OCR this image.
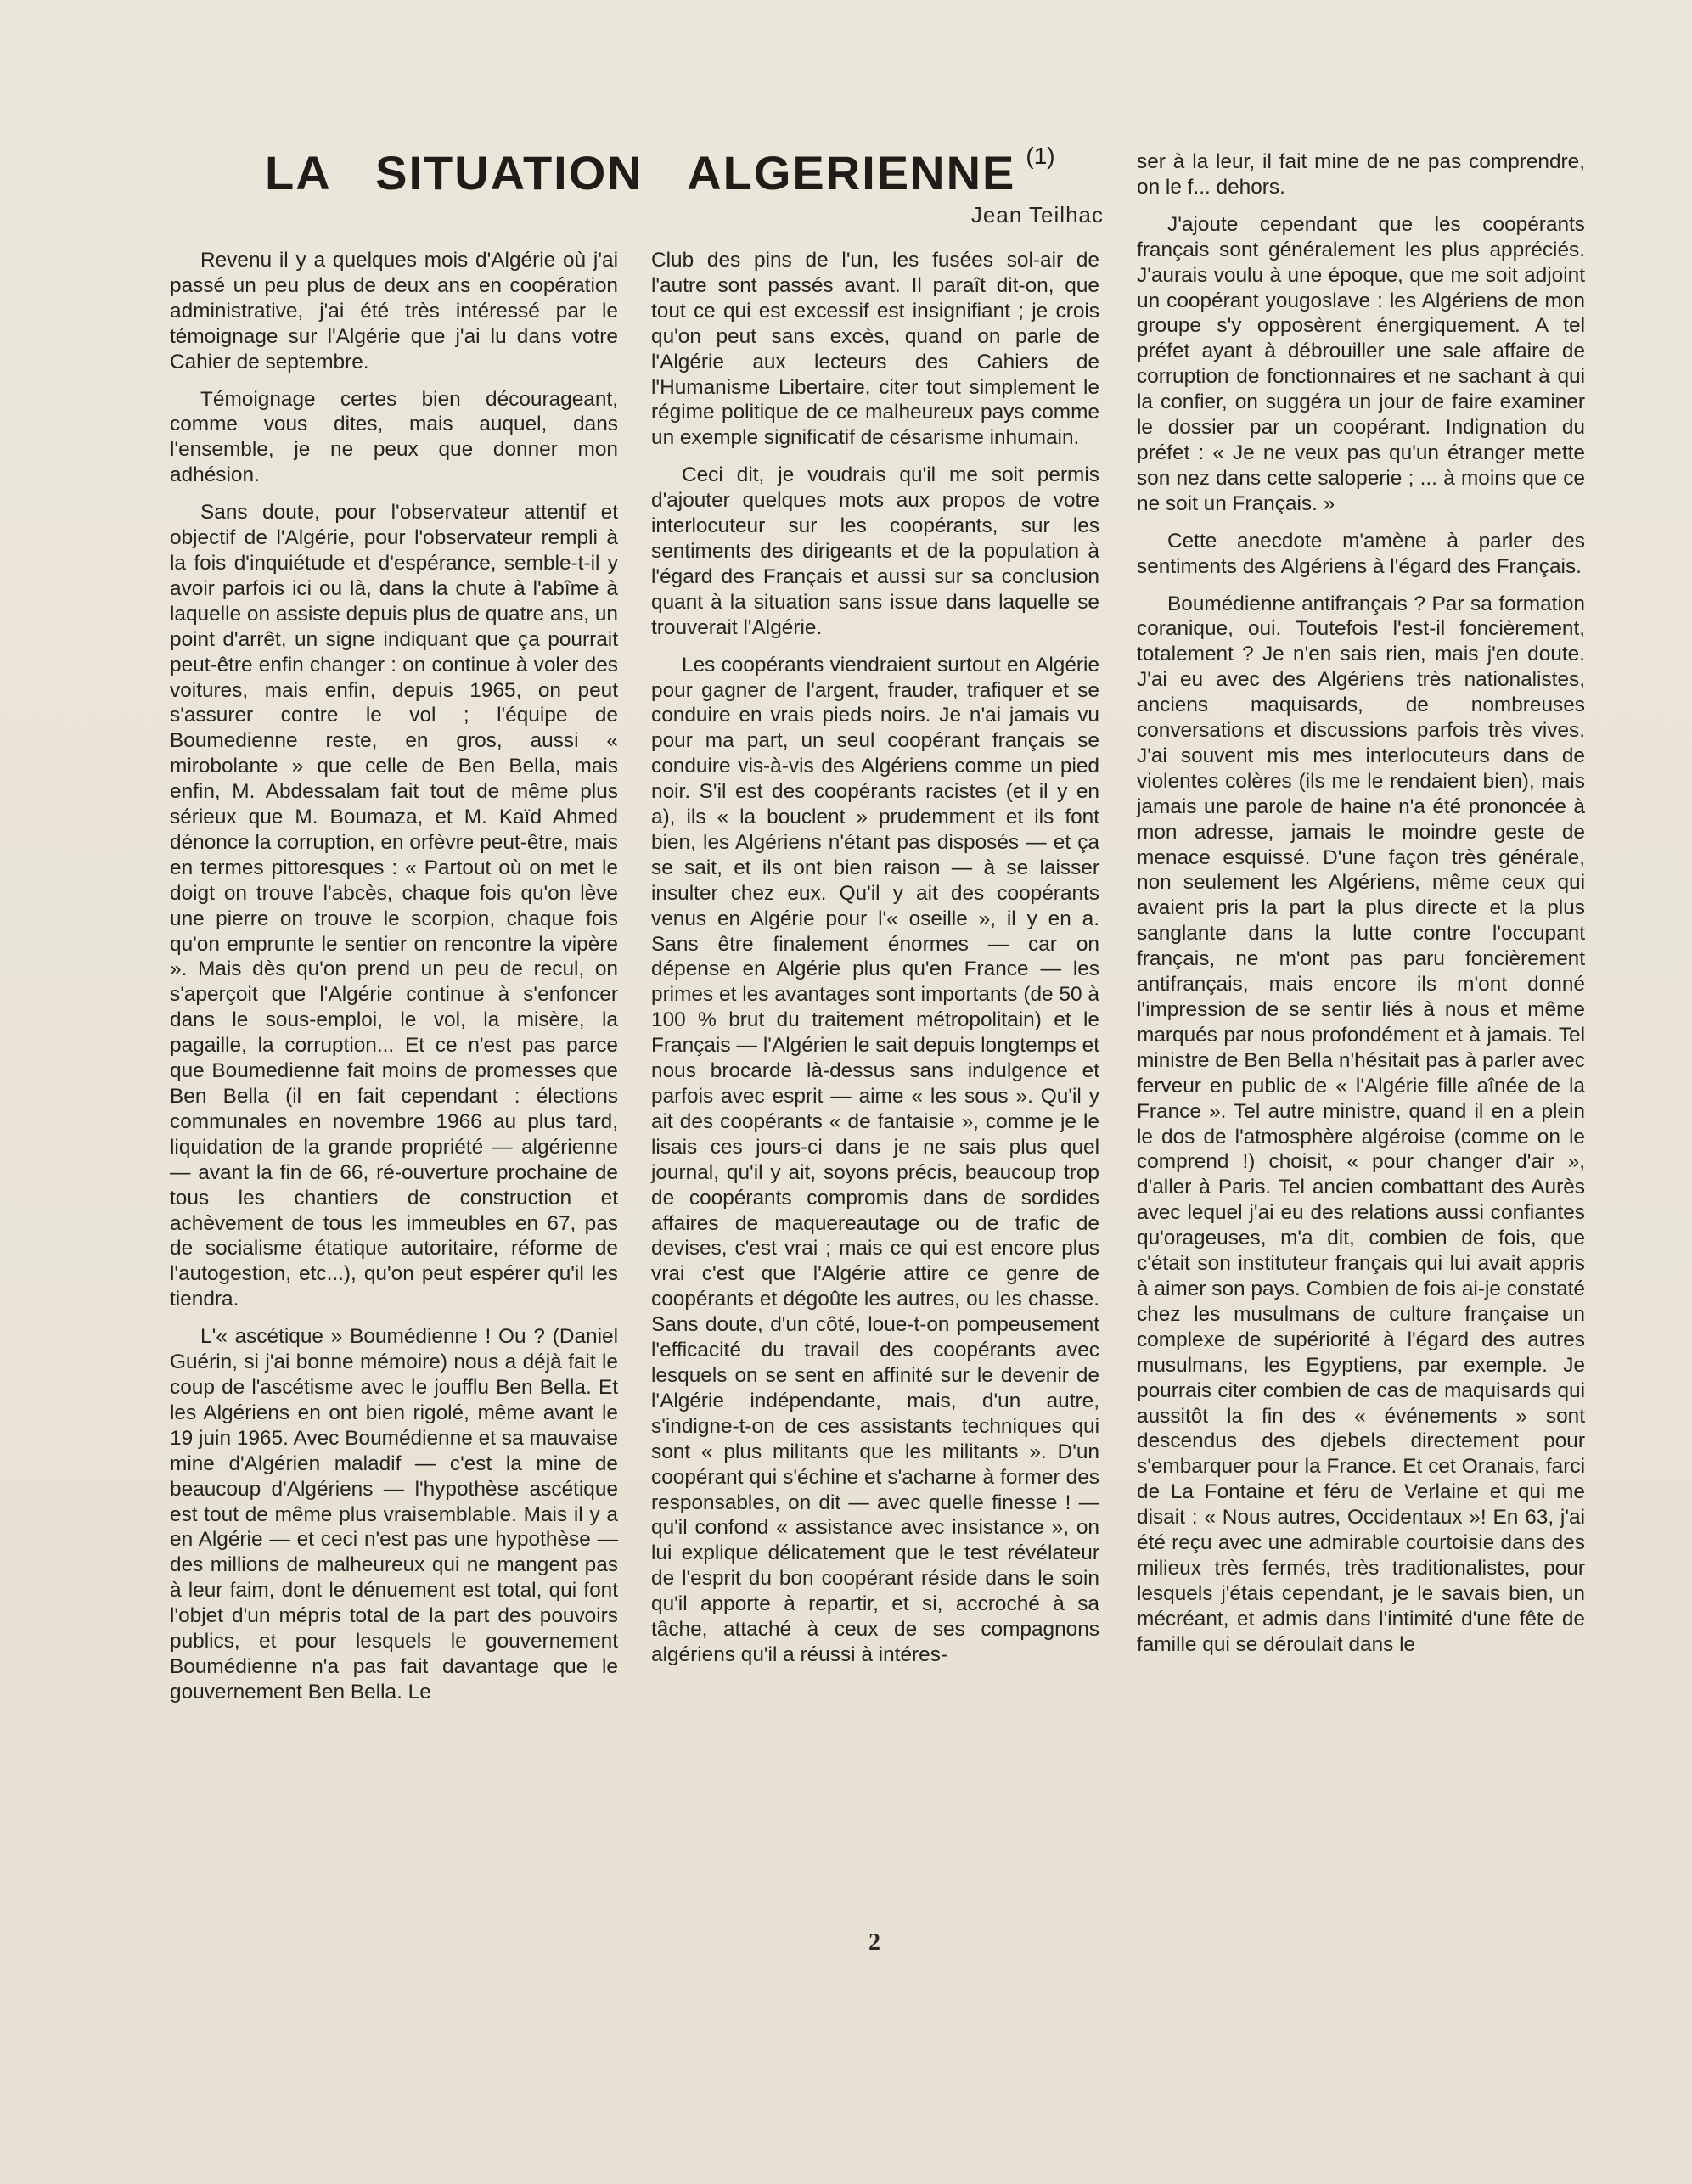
LA SITUATION ALGERIENNE $^{(1)}$
Jean Teilhac

Revenu il y a quelques mois d'Algérie où j'ai passé un peu plus de deux ans en coopération administrative, j'ai été très intéressé par le témoignage sur l'Algérie que j'ai lu dans votre Cahier de septembre.

Témoignage certes bien décourageant, comme vous dites, mais auquel, dans l'ensemble, je ne peux que donner mon adhésion.

Sans doute, pour l'observateur attentif et objectif de l'Algérie, pour l'observateur rempli à la fois d'inquiétude et d'espérance, semble-t-il y avoir parfois ici ou là, dans la chute à l'abîme à laquelle on assiste depuis plus de quatre ans, un point d'arrêt, un signe indiquant que ça pourrait peut-être enfin changer : on continue à voler des voitures, mais enfin, depuis 1965, on peut s'assurer contre le vol ; l'équipe de Boumedienne reste, en gros, aussi « mirobolante » que celle de Ben Bella, mais enfin, M. Abdessalam fait tout de même plus sérieux que M. Boumaza, et M. Kaïd Ahmed dénonce la corruption, en orfèvre peut-être, mais en termes pittoresques : « Partout où on met le doigt on trouve l'abcès, chaque fois qu'on lève une pierre on trouve le scorpion, chaque fois qu'on emprunte le sentier on rencontre la vipère ». Mais dès qu'on prend un peu de recul, on s'aperçoit que l'Algérie continue à s'enfoncer dans le sous-emploi, le vol, la misère, la pagaille, la corruption... Et ce n'est pas parce que Boumedienne fait moins de promesses que Ben Bella (il en fait cependant : élections communales en novembre 1966 au plus tard, liquidation de la grande propriété — algérienne — avant la fin de 66, ré-ouverture prochaine de tous les chantiers de construction et achèvement de tous les immeubles en 67, pas de socialisme étatique autoritaire, réforme de l'autogestion, etc...), qu'on peut espérer qu'il les tiendra.

L'« ascétique » Boumédienne ! Ou ? (Daniel Guérin, si j'ai bonne mémoire) nous a déjà fait le coup de l'ascétisme avec le joufflu Ben Bella. Et les Algériens en ont bien rigolé, même avant le 19 juin 1965. Avec Boumédienne et sa mauvaise mine d'Algérien maladif — c'est la mine de beaucoup d'Algériens — l'hypothèse ascétique est tout de même plus vraisemblable. Mais il y a en Algérie — et ceci n'est pas une hypothèse — des millions de malheureux qui ne mangent pas à leur faim, dont le dénuement est total, qui font l'objet d'un mépris total de la part des pouvoirs publics, et pour lesquels le gouvernement Boumédienne n'a pas fait davantage que le gouvernement Ben Bella. Le

Club des pins de l'un, les fusées sol-air de l'autre sont passés avant. Il paraît dit-on, que tout ce qui est excessif est insignifiant ; je crois qu'on peut sans excès, quand on parle de l'Algérie aux lecteurs des Cahiers de l'Humanisme Libertaire, citer tout simplement le régime politique de ce malheureux pays comme un exemple significatif de césarisme inhumain.

Ceci dit, je voudrais qu'il me soit permis d'ajouter quelques mots aux propos de votre interlocuteur sur les coopérants, sur les sentiments des dirigeants et de la population à l'égard des Français et aussi sur sa conclusion quant à la situation sans issue dans laquelle se trouverait l'Algérie.

Les coopérants viendraient surtout en Algérie pour gagner de l'argent, frauder, trafiquer et se conduire en vrais pieds noirs. Je n'ai jamais vu pour ma part, un seul coopérant français se conduire vis-à-vis des Algériens comme un pied noir. S'il est des coopérants racistes (et il y en a), ils « la bouclent » prudemment et ils font bien, les Algériens n'étant pas disposés — et ça se sait, et ils ont bien raison — à se laisser insulter chez eux. Qu'il y ait des coopérants venus en Algérie pour l'« oseille », il y en a. Sans être finalement énormes — car on dépense en Algérie plus qu'en France — les primes et les avantages sont importants (de 50 à 100 % brut du traitement métropolitain) et le Français — l'Algérien le sait depuis longtemps et nous brocarde là-dessus sans indulgence et parfois avec esprit — aime « les sous ». Qu'il y ait des coopérants « de fantaisie », comme je le lisais ces jours-ci dans je ne sais plus quel journal, qu'il y ait, soyons précis, beaucoup trop de coopérants compromis dans de sordides affaires de maquereautage ou de trafic de devises, c'est vrai ; mais ce qui est encore plus vrai c'est que l'Algérie attire ce genre de coopérants et dégoûte les autres, ou les chasse. Sans doute, d'un côté, loue-t-on pompeusement l'efficacité du travail des coopérants avec lesquels on se sent en affinité sur le devenir de l'Algérie indépendante, mais, d'un autre, s'indigne-t-on de ces assistants techniques qui sont « plus militants que les militants ». D'un coopérant qui s'échine et s'acharne à former des responsables, on dit — avec quelle finesse ! — qu'il confond « assistance avec insistance », on lui explique délicatement que le test révélateur de l'esprit du bon coopérant réside dans le soin qu'il apporte à repartir, et si, accroché à sa tâche, attaché à ceux de ses compagnons algériens qu'il a réussi à intéres-

ser à la leur, il fait mine de ne pas comprendre, on le f... dehors.

J'ajoute cependant que les coopérants français sont généralement les plus appréciés. J'aurais voulu à une époque, que me soit adjoint un coopérant yougoslave : les Algériens de mon groupe s'y opposèrent énergiquement. A tel préfet ayant à débrouiller une sale affaire de corruption de fonctionnaires et ne sachant à qui la confier, on suggéra un jour de faire examiner le dossier par un coopérant. Indignation du préfet : « Je ne veux pas qu'un étranger mette son nez dans cette saloperie ; ... à moins que ce ne soit un Français. »

Cette anecdote m'amène à parler des sentiments des Algériens à l'égard des Français.

Boumédienne antifrançais ? Par sa formation coranique, oui. Toutefois l'est-il foncièrement, totalement ? Je n'en sais rien, mais j'en doute. J'ai eu avec des Algériens très nationalistes, anciens maquisards, de nombreuses conversations et discussions parfois très vives. J'ai souvent mis mes interlocuteurs dans de violentes colères (ils me le rendaient bien), mais jamais une parole de haine n'a été prononcée à mon adresse, jamais le moindre geste de menace esquissé. D'une façon très générale, non seulement les Algériens, même ceux qui avaient pris la part la plus directe et la plus sanglante dans la lutte contre l'occupant français, ne m'ont pas paru foncièrement antifrançais, mais encore ils m'ont donné l'impression de se sentir liés à nous et même marqués par nous profondément et à jamais. Tel ministre de Ben Bella n'hésitait pas à parler avec ferveur en public de « l'Algérie fille aînée de la France ». Tel autre ministre, quand il en a plein le dos de l'atmosphère algéroise (comme on le comprend !) choisit, « pour changer d'air », d'aller à Paris. Tel ancien combattant des Aurès avec lequel j'ai eu des relations aussi confiantes qu'orageuses, m'a dit, combien de fois, que c'était son instituteur français qui lui avait appris à aimer son pays. Combien de fois ai-je constaté chez les musulmans de culture française un complexe de supériorité à l'égard des autres musulmans, les Egyptiens, par exemple. Je pourrais citer combien de cas de maquisards qui aussitôt la fin des « événements » sont descendus des djebels directement pour s'embarquer pour la France. Et cet Oranais, farci de La Fontaine et féru de Verlaine et qui me disait : « Nous autres, Occidentaux »! En 63, j'ai été reçu avec une admirable courtoisie dans des milieux très fermés, très traditionalistes, pour lesquels j'étais cependant, je le savais bien, un mécréant, et admis dans l'intimité d'une fête de famille qui se déroulait dans le

2
